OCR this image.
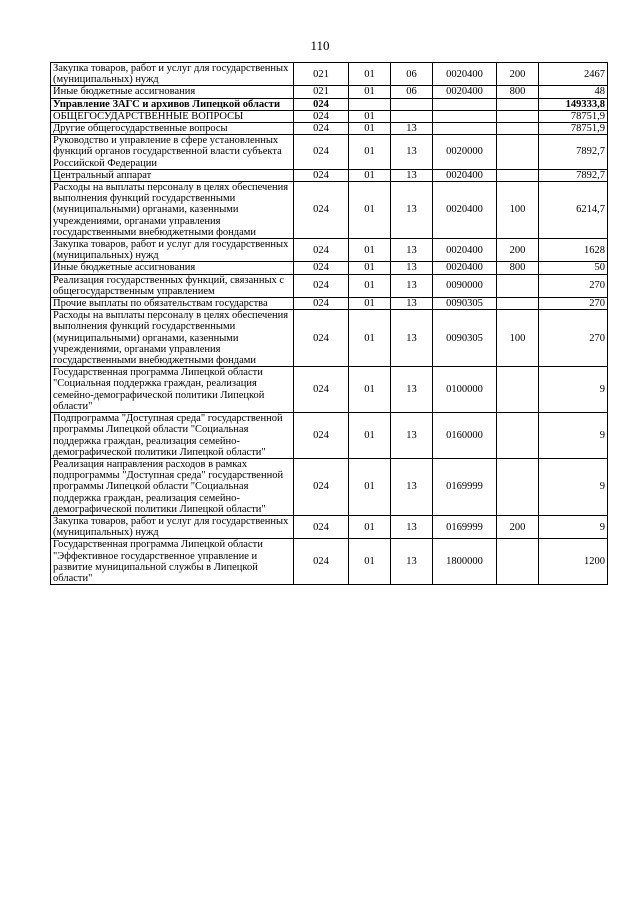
110
Закупка товаров, работ и услуг для государственных (муниципальных) нужд	021	01	06	0020400	200	2467
Иные бюджетные ассигнования	021	01	06	0020400	800	48
Управление ЗАГС и архивов Липецкой области	024					149333,8
ОБЩЕГОСУДАРСТВЕННЫЕ ВОПРОСЫ	024	01				78751,9
Другие общегосударственные вопросы	024	01	13			78751,9
Руководство и управление в сфере установленных функций органов государственной власти субъекта Российской Федерации	024	01	13	0020000		7892,7
Центральный аппарат	024	01	13	0020400		7892,7
Расходы на выплаты персоналу в целях обеспечения выполнения функций государственными (муниципальными) органами, казенными учреждениями, органами управления государственными внебюджетными фондами	024	01	13	0020400	100	6214,7
Закупка товаров, работ и услуг для государственных (муниципальных) нужд	024	01	13	0020400	200	1628
Иные бюджетные ассигнования	024	01	13	0020400	800	50
Реализация государственных функций, связанных с общегосударственным управлением	024	01	13	0090000		270
Прочие выплаты по обязательствам государства	024	01	13	0090305		270
Расходы на выплаты персоналу в целях обеспечения выполнения функций государственными (муниципальными) органами, казенными учреждениями, органами управления государственными внебюджетными фондами	024	01	13	0090305	100	270
Государственная программа Липецкой области "Социальная поддержка граждан, реализация семейно-демографической политики Липецкой области"	024	01	13	0100000		9
Подпрограмма "Доступная среда" государственной программы Липецкой области "Социальная поддержка граждан, реализация семейно-демографической политики Липецкой области"	024	01	13	0160000		9
Реализация направления расходов в рамках подпрограммы "Доступная среда" государственной программы Липецкой области "Социальная поддержка граждан, реализация семейно-демографической политики Липецкой области"	024	01	13	0169999		9
Закупка товаров, работ и услуг для государственных (муниципальных) нужд	024	01	13	0169999	200	9
Государственная программа Липецкой области "Эффективное государственное управление и развитие муниципальной службы в Липецкой области"	024	01	13	1800000		1200
